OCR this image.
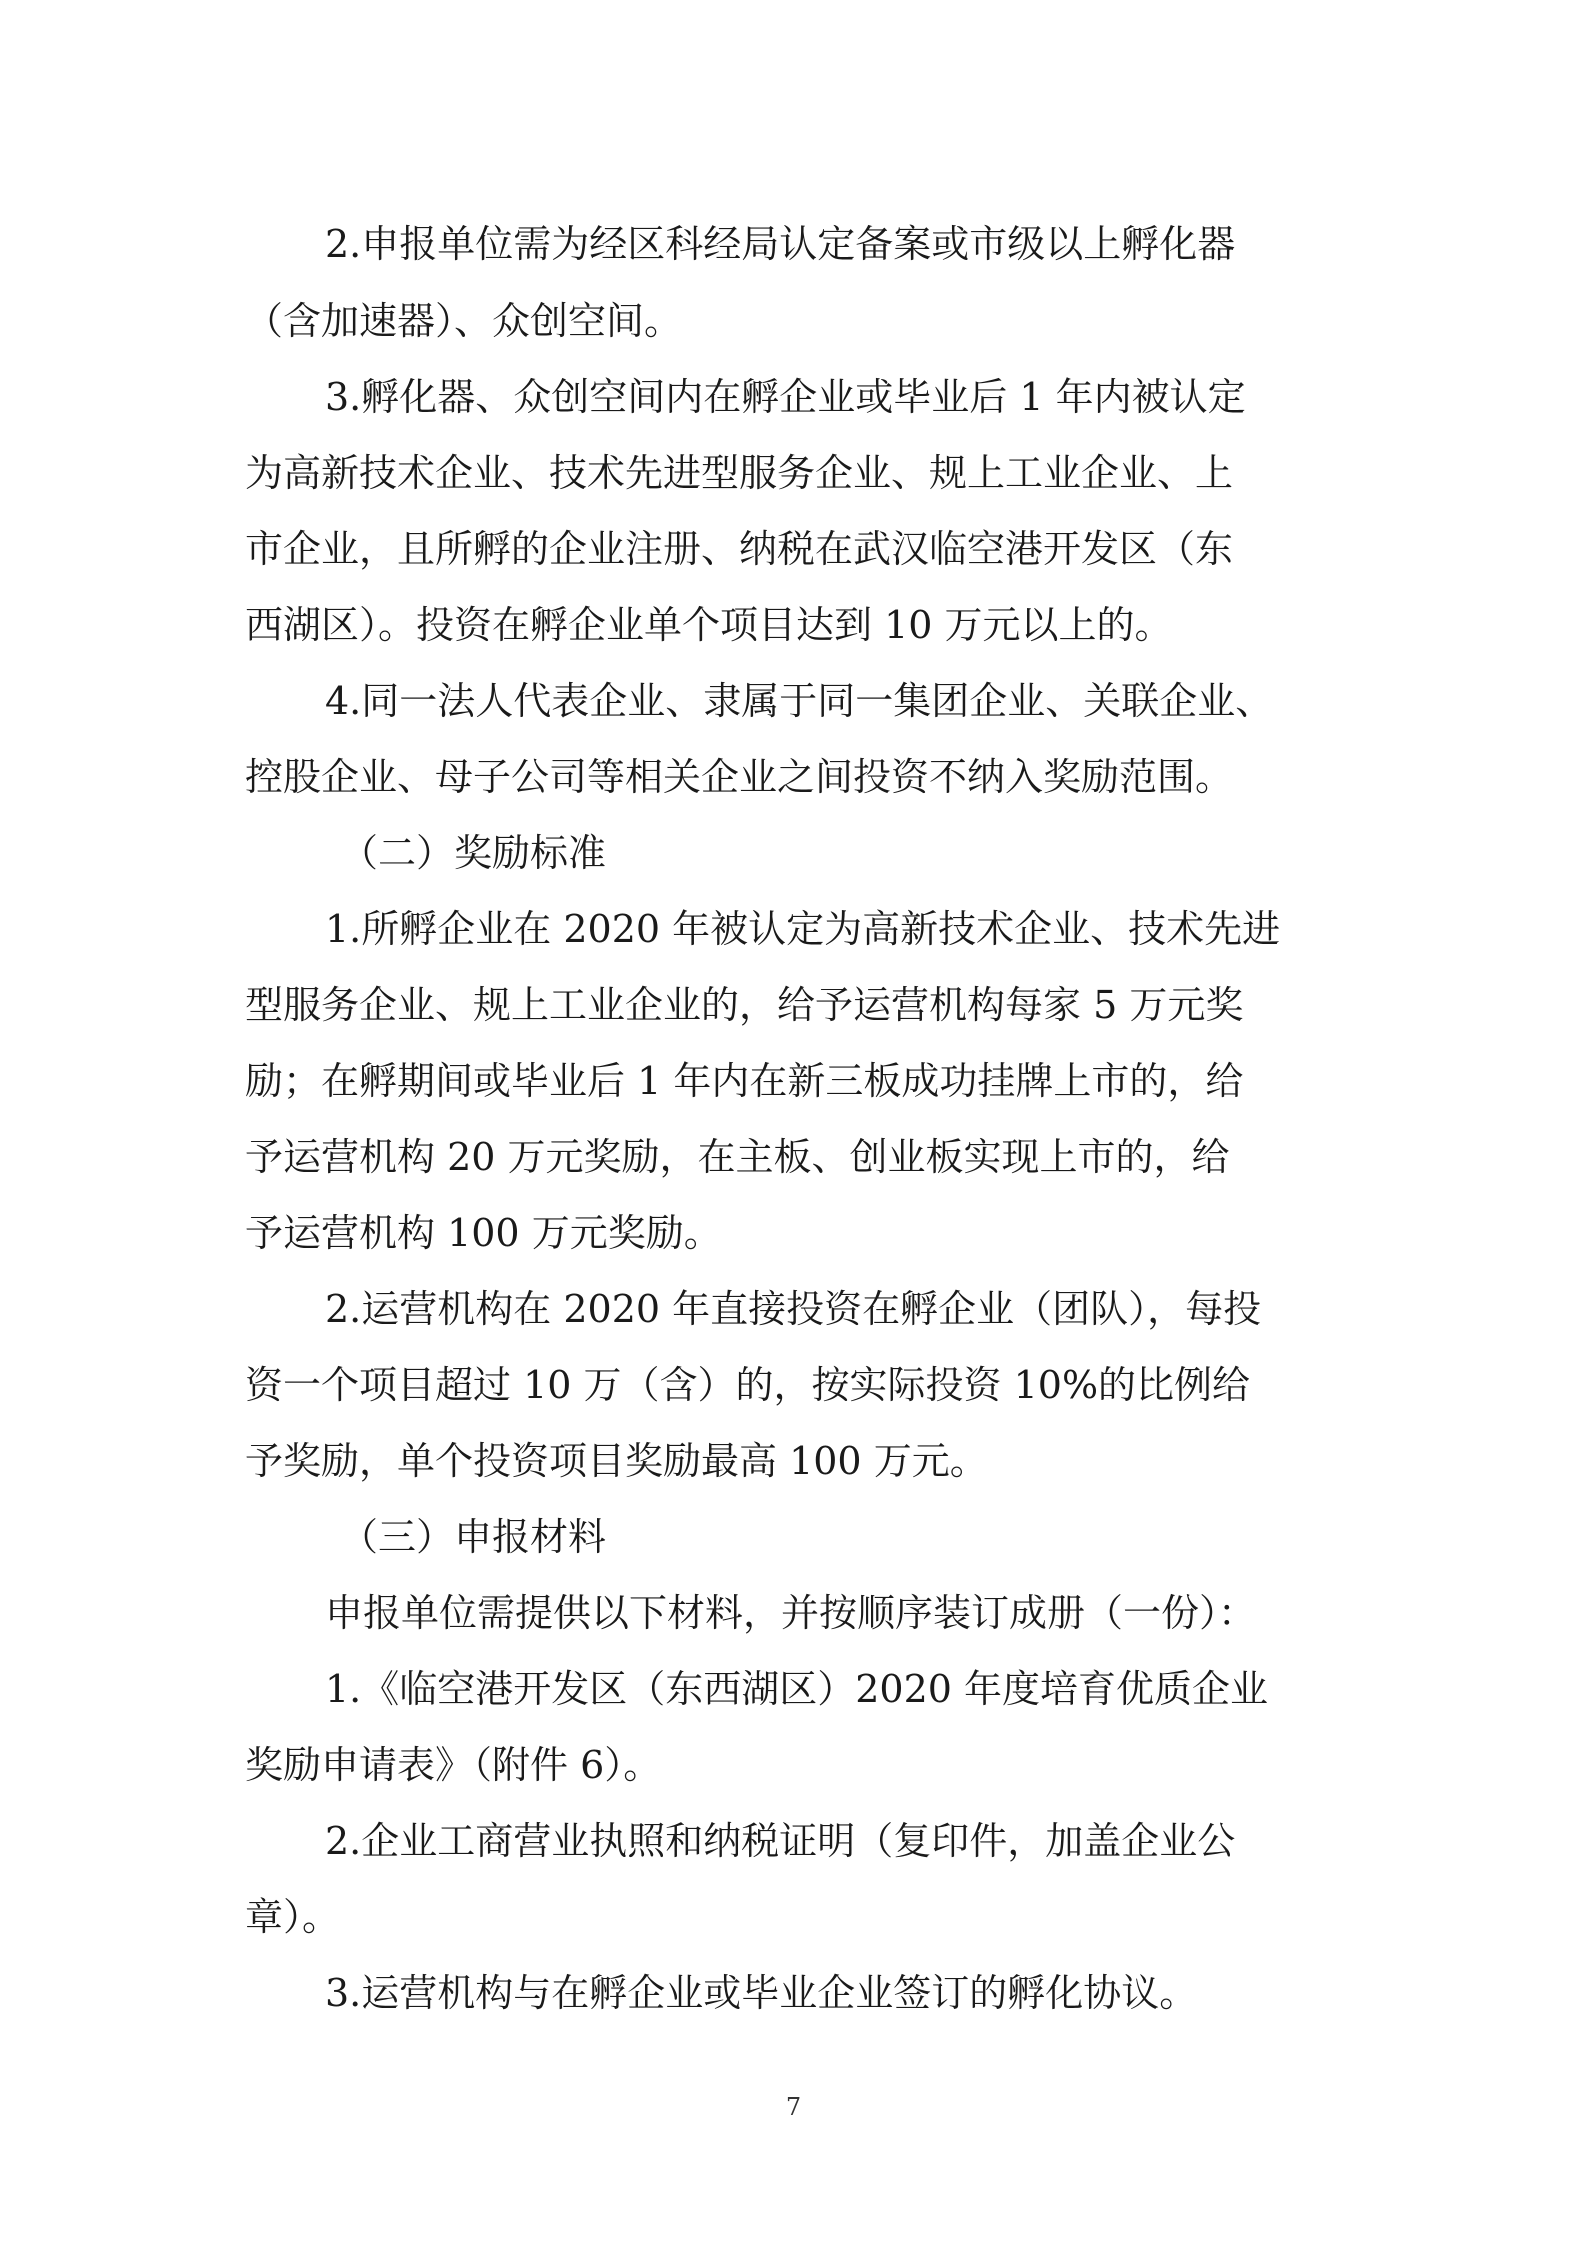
2.申报单位需为经区科经局认定备案或市级以上孵化器

（含加速器）、众创空间。

3.孵化器、众创空间内在孵企业或毕业后 1 年内被认定

为高新技术企业、技术先进型服务企业、规上工业企业、上

市企业，且所孵的企业注册、纳税在武汉临空港开发区（东

西湖区）。投资在孵企业单个项目达到 10 万元以上的。

4.同一法人代表企业、隶属于同一集团企业、关联企业、

控股企业、母子公司等相关企业之间投资不纳入奖励范围。

（二）奖励标准

1.所孵企业在 2020 年被认定为高新技术企业、技术先进

型服务企业、规上工业企业的，给予运营机构每家 5 万元奖

励；在孵期间或毕业后 1 年内在新三板成功挂牌上市的，给

予运营机构 20 万元奖励，在主板、创业板实现上市的，给

予运营机构 100 万元奖励。

2.运营机构在 2020 年直接投资在孵企业（团队），每投

资一个项目超过 10 万（含）的，按实际投资 10%的比例给

予奖励，单个投资项目奖励最高 100 万元。

（三）申报材料

申报单位需提供以下材料，并按顺序装订成册（一份）：

1.《临空港开发区（东西湖区）2020 年度培育优质企业

奖励申请表》（附件 6）。

2.企业工商营业执照和纳税证明（复印件，加盖企业公

章）。

3.运营机构与在孵企业或毕业企业签订的孵化协议。

7
